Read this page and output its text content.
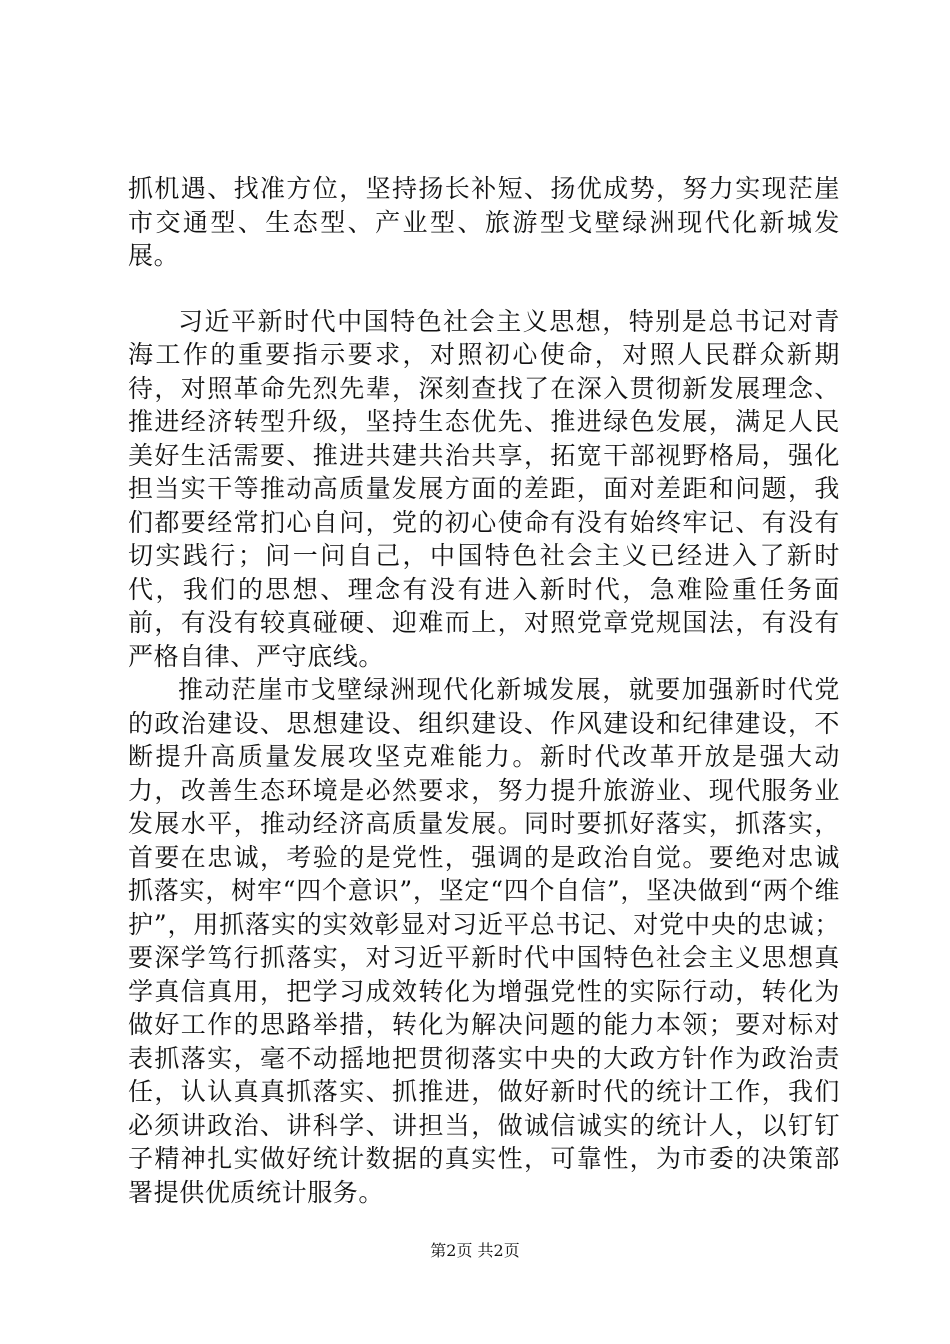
抓机遇、找准方位，坚持扬长补短、扬优成势，努力实现茫崖市交通型、生态型、产业型、旅游型戈壁绿洲现代化新城发展。

习近平新时代中国特色社会主义思想，特别是总书记对青海工作的重要指示要求，对照初心使命，对照人民群众新期待，对照革命先烈先辈，深刻查找了在深入贯彻新发展理念、推进经济转型升级，坚持生态优先、推进绿色发展，满足人民美好生活需要、推进共建共治共享，拓宽干部视野格局，强化担当实干等推动高质量发展方面的差距，面对差距和问题，我们都要经常扪心自问，党的初心使命有没有始终牢记、有没有切实践行；问一问自己，中国特色社会主义已经进入了新时代，我们的思想、理念有没有进入新时代，急难险重任务面前，有没有较真碰硬、迎难而上，对照党章党规国法，有没有严格自律、严守底线。

推动茫崖市戈壁绿洲现代化新城发展，就要加强新时代党的政治建设、思想建设、组织建设、作风建设和纪律建设，不断提升高质量发展攻坚克难能力。新时代改革开放是强大动力，改善生态环境是必然要求，努力提升旅游业、现代服务业发展水平，推动经济高质量发展。同时要抓好落实，抓落实，首要在忠诚，考验的是党性，强调的是政治自觉。要绝对忠诚抓落实，树牢“四个意识”，坚定“四个自信”，坚决做到“两个维护”，用抓落实的实效彰显对习近平总书记、对党中央的忠诚；要深学笃行抓落实，对习近平新时代中国特色社会主义思想真学真信真用，把学习成效转化为增强党性的实际行动，转化为做好工作的思路举措，转化为解决问题的能力本领；要对标对表抓落实，毫不动摇地把贯彻落实中央的大政方针作为政治责任，认认真真抓落实、抓推进，做好新时代的统计工作，我们必须讲政治、讲科学、讲担当，做诚信诚实的统计人，以钉钉子精神扎实做好统计数据的真实性，可靠性，为市委的决策部署提供优质统计服务。

第2页 共2页
